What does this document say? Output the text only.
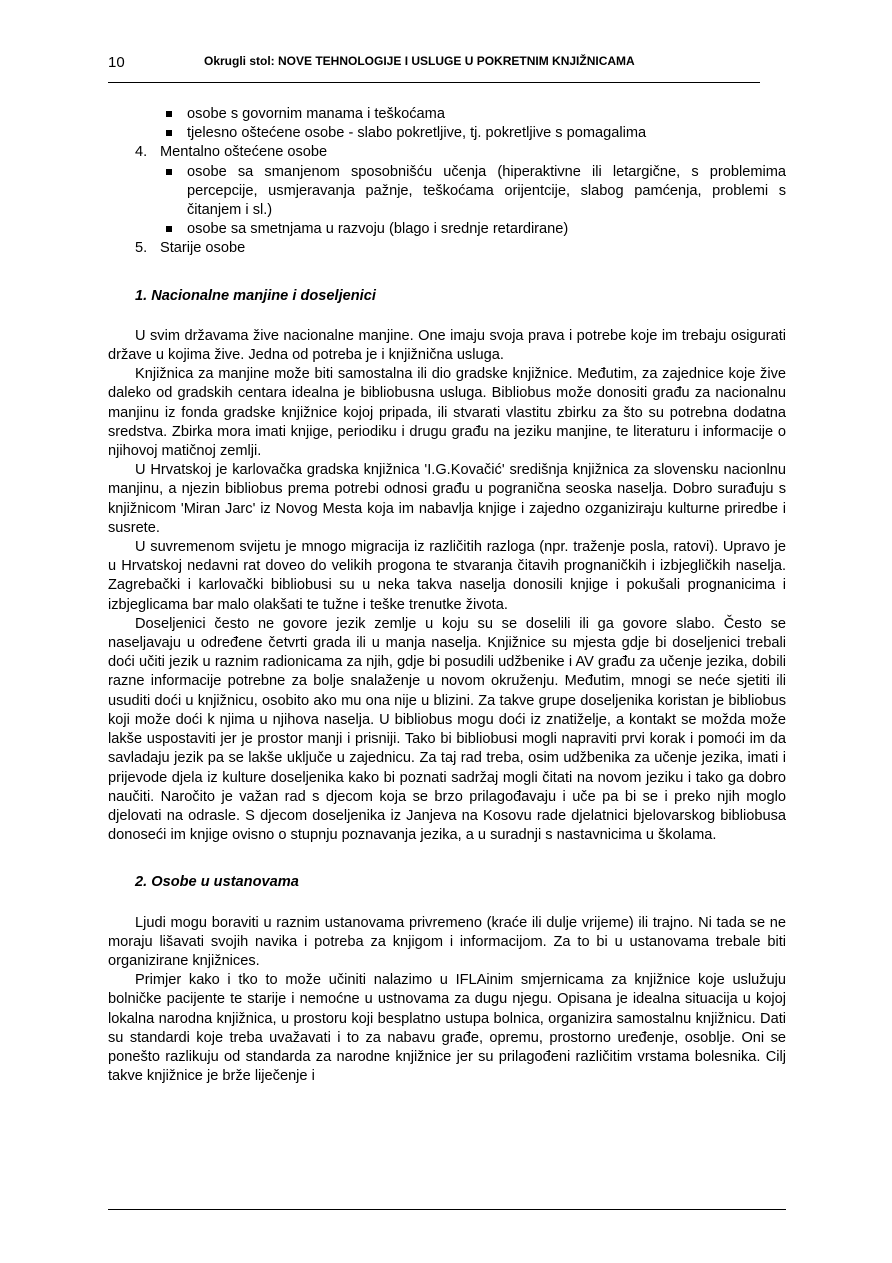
10	Okrugli stol: NOVE TEHNOLOGIJE I USLUGE U POKRETNIM KNJIŽNICAMA
osobe s govornim manama i teškoćama
tjelesno oštećene osobe - slabo pokretljive, tj. pokretljive s pomagalima
4. Mentalno oštećene osobe
osobe sa smanjenom sposobnišću učenja (hiperaktivne ili letargične, s problemima percepcije, usmjeravanja pažnje, teškoćama orijentcije, slabog pamćenja, problemi s čitanjem i sl.)
osobe sa smetnjama u razvoju (blago i srednje retardirane)
5. Starije osobe
1. Nacionalne manjine i doseljenici
U svim državama žive nacionalne manjine. One imaju svoja prava i potrebe koje im trebaju osigurati države u kojima žive. Jedna od potreba je i knjižnična usluga.
Knjižnica za manjine može biti samostalna ili dio gradske knjižnice. Međutim, za zajednice koje žive daleko od gradskih centara idealna je bibliobusna usluga. Bibliobus može donositi građu za nacionalnu manjinu iz fonda gradske knjižnice kojoj pripada, ili stvarati vlastitu zbirku za što su potrebna dodatna sredstva. Zbirka mora imati knjige, periodiku i drugu građu na jeziku manjine, te literaturu i informacije o njihovoj matičnoj zemlji.
U Hrvatskoj je karlovačka gradska knjižnica 'I.G.Kovačić' središnja knjižnica za slovensku nacionlnu manjinu, a njezin bibliobus prema potrebi odnosi građu u pogranična seoska naselja. Dobro surađuju s knjižnicom 'Miran Jarc' iz Novog Mesta koja im nabavlja knjige i zajedno ozganiziraju kulturne priredbe i susrete.
U suvremenom svijetu je mnogo migracija iz različitih razloga (npr. traženje posla, ratovi). Upravo je u Hrvatskoj nedavni rat doveo do velikih progona te stvaranja čitavih prognaničkih i izbjegličkih naselja. Zagrebački i karlovački bibliobusi su u neka takva naselja donosili knjige i pokušali prognanicima i izbjeglicama bar malo olakšati te tužne i teške trenutke života.
Doseljenici često ne govore jezik zemlje u koju su se doselili ili ga govore slabo. Često se naseljavaju u određene četvrti grada ili u manja naselja. Knjižnice su mjesta gdje bi doseljenici trebali doći učiti jezik u raznim radionicama za njih, gdje bi posudili udžbenike i AV građu za učenje jezika, dobili razne informacije potrebne za bolje snalaženje u novom okruženju. Međutim, mnogi se neće sjetiti ili usuditi doći u knjižnicu, osobito ako mu ona nije u blizini. Za takve grupe doseljenika koristan je bibliobus koji može doći k njima u njihova naselja. U bibliobus mogu doći iz znatiželje, a kontakt se možda može lakše uspostaviti jer je prostor manji i prisniji. Tako bi bibliobusi mogli napraviti prvi korak i pomoći im da savladaju jezik pa se lakše uključe u zajednicu. Za taj rad treba, osim udžbenika za učenje jezika, imati i prijevode djela iz kulture doseljenika kako bi poznati sadržaj mogli čitati na novom jeziku i tako ga dobro naučiti. Naročito je važan rad s djecom koja se brzo prilagođavaju i uče pa bi se i preko njih moglo djelovati na odrasle. S djecom doseljenika iz Janjeva na Kosovu rade djelatnici bjelovarskog bibliobusa donoseći im knjige ovisno o stupnju poznavanja jezika, a u suradnji s nastavnicima u školama.
2. Osobe u ustanovama
Ljudi mogu boraviti u raznim ustanovama privremeno (kraće ili dulje vrijeme) ili trajno. Ni tada se ne moraju lišavati svojih navika i potreba za knjigom i informacijom. Za to bi u ustanovama trebale biti organizirane knjižnices.
Primjer kako i tko to može učiniti nalazimo u IFLAinim smjernicama za knjižnice koje uslužuju bolničke pacijente te starije i nemoćne u ustnovama za dugu njegu. Opisana je idealna situacija u kojoj lokalna narodna knjižnica, u prostoru koji besplatno ustupa bolnica, organizira samostalnu knjižnicu. Dati su standardi koje treba uvažavati i to za nabavu građe, opremu, prostorno uređenje, osoblje. Oni se ponešto razlikuju od standarda za narodne knjižnice jer su prilagođeni različitim vrstama bolesnika. Cilj takve knjižnice je brže liječenje i
